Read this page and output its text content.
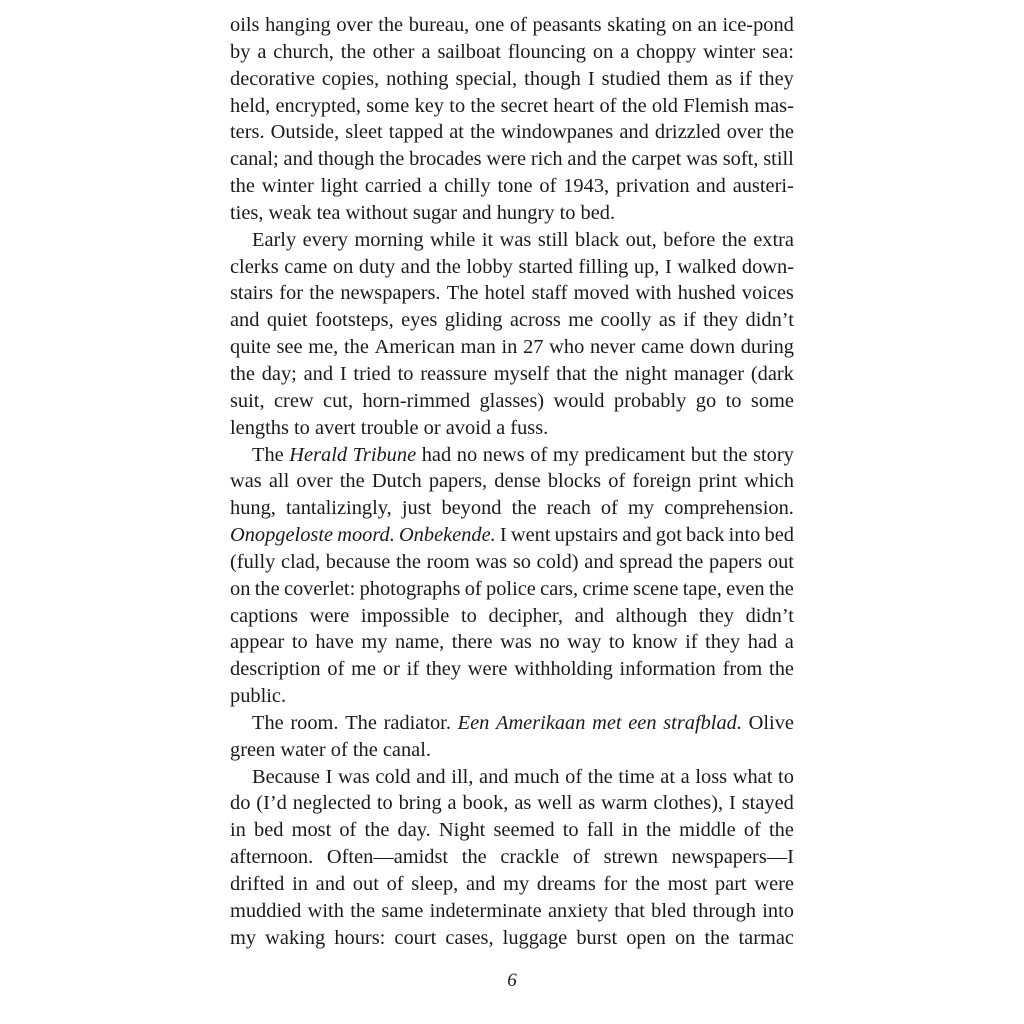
oils hanging over the bureau, one of peasants skating on an ice-pond
by a church, the other a sailboat flouncing on a choppy winter sea:
decorative copies, nothing special, though I studied them as if they
held, encrypted, some key to the secret heart of the old Flemish mas-
ters. Outside, sleet tapped at the windowpanes and drizzled over the
canal; and though the brocades were rich and the carpet was soft, still
the winter light carried a chilly tone of 1943, privation and austeri-
ties, weak tea without sugar and hungry to bed.

Early every morning while it was still black out, before the extra
clerks came on duty and the lobby started filling up, I walked down-
stairs for the newspapers. The hotel staff moved with hushed voices
and quiet footsteps, eyes gliding across me coolly as if they didn’t
quite see me, the American man in 27 who never came down during
the day; and I tried to reassure myself that the night manager (dark
suit, crew cut, horn-rimmed glasses) would probably go to some
lengths to avert trouble or avoid a fuss.

The Herald Tribune had no news of my predicament but the story
was all over the Dutch papers, dense blocks of foreign print which
hung, tantalizingly, just beyond the reach of my comprehension.
Onopgeloste moord. Onbekende. I went upstairs and got back into bed
(fully clad, because the room was so cold) and spread the papers out
on the coverlet: photographs of police cars, crime scene tape, even the
captions were impossible to decipher, and although they didn’t
appear to have my name, there was no way to know if they had a
description of me or if they were withholding information from the
public.

The room. The radiator. Een Amerikaan met een strafblad. Olive
green water of the canal.

Because I was cold and ill, and much of the time at a loss what to
do (I’d neglected to bring a book, as well as warm clothes), I stayed
in bed most of the day. Night seemed to fall in the middle of the
afternoon. Often—amidst the crackle of strewn newspapers—I
drifted in and out of sleep, and my dreams for the most part were
muddied with the same indeterminate anxiety that bled through into
my waking hours: court cases, luggage burst open on the tarmac

6
